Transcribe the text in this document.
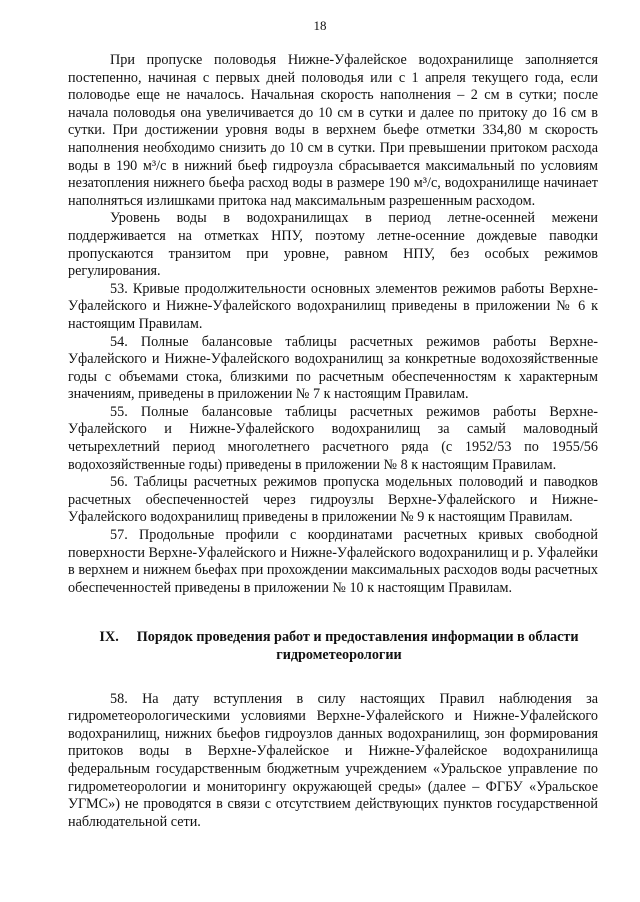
18

При пропуске половодья Нижне-Уфалейское водохранилище заполняется постепенно, начиная с первых дней половодья или с 1 апреля текущего года, если половодье еще не началось. Начальная скорость наполнения – 2 см в сутки; после начала половодья она увеличивается до 10 см в сутки и далее по притоку до 16 см в сутки. При достижении уровня воды в верхнем бьефе отметки 334,80 м скорость наполнения необходимо снизить до 10 см в сутки. При превышении притоком расхода воды в 190 м³/с в нижний бьеф гидроузла сбрасывается максимальный по условиям незатопления нижнего бьефа расход воды в размере 190 м³/с, водохранилище начинает наполняться излишками притока над максимальным разрешенным расходом.

Уровень воды в водохранилищах в период летне-осенней межени поддерживается на отметках НПУ, поэтому летне-осенние дождевые паводки пропускаются транзитом при уровне, равном НПУ, без особых режимов регулирования.

53. Кривые продолжительности основных элементов режимов работы Верхне-Уфалейского и Нижне-Уфалейского водохранилищ приведены в приложении № 6 к настоящим Правилам.

54. Полные балансовые таблицы расчетных режимов работы Верхне-Уфалейского и Нижне-Уфалейского водохранилищ за конкретные водохозяйственные годы с объемами стока, близкими по расчетным обеспеченностям к характерным значениям, приведены в приложении № 7 к настоящим Правилам.

55. Полные балансовые таблицы расчетных режимов работы Верхне-Уфалейского и Нижне-Уфалейского водохранилищ за самый маловодный четырехлетний период многолетнего расчетного ряда (с 1952/53 по 1955/56 водохозяйственные годы) приведены в приложении № 8 к настоящим Правилам.

56. Таблицы расчетных режимов пропуска модельных половодий и паводков расчетных обеспеченностей через гидроузлы Верхне-Уфалейского и Нижне-Уфалейского водохранилищ приведены в приложении № 9 к настоящим Правилам.

57. Продольные профили с координатами расчетных кривых свободной поверхности Верхне-Уфалейского и Нижне-Уфалейского водохранилищ и р. Уфалейки в верхнем и нижнем бьефах при прохождении максимальных расходов воды расчетных обеспеченностей приведены в приложении № 10 к настоящим Правилам.

IX. Порядок проведения работ и предоставления информации в области гидрометеорологии

58. На дату вступления в силу настоящих Правил наблюдения за гидрометеорологическими условиями Верхне-Уфалейского и Нижне-Уфалейского водохранилищ, нижних бьефов гидроузлов данных водохранилищ, зон формирования притоков воды в Верхне-Уфалейское и Нижне-Уфалейское водохранилища федеральным государственным бюджетным учреждением «Уральское управление по гидрометеорологии и мониторингу окружающей среды» (далее – ФГБУ «Уральское УГМС») не проводятся в связи с отсутствием действующих пунктов государственной наблюдательной сети.
